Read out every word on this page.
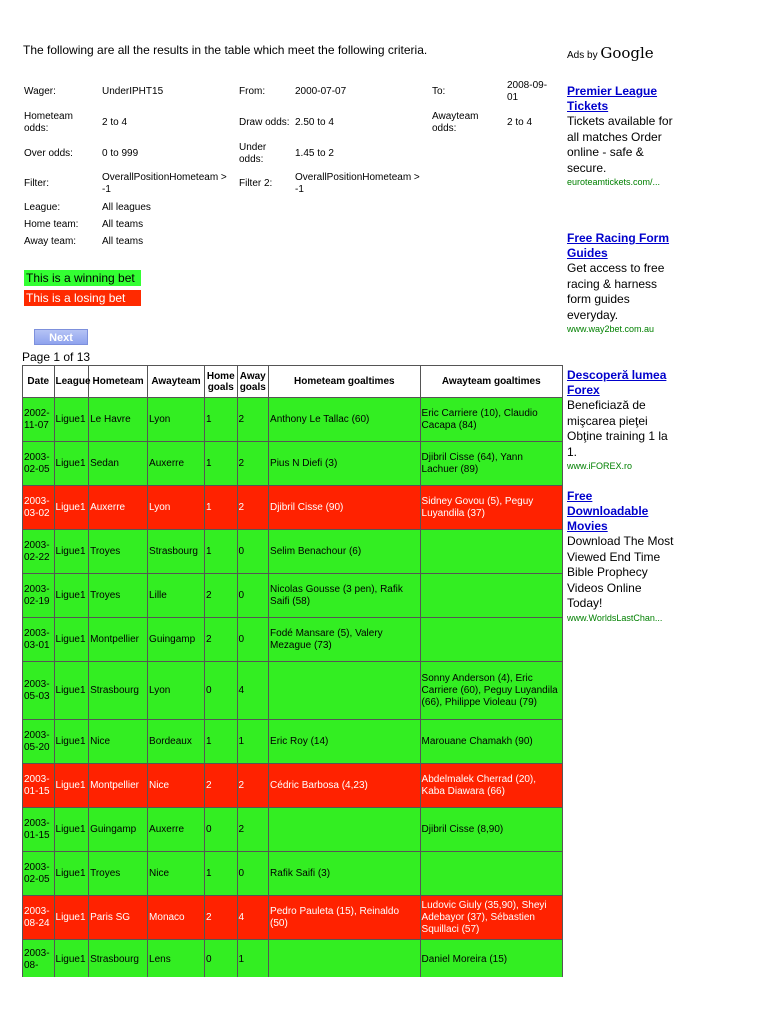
The following are all the results in the table which meet the following criteria.
Wager:	UnderIPHT15	From:	2000-07-07	To:	2008-09-01
Hometeam odds:	2 to 4	Draw odds:	2.50 to 4	Awayteam odds:	2 to 4
Over odds:	0 to 999	Under odds:	1.45 to 2		
Filter:	OverallPositionHometeam > -1	Filter 2:	OverallPositionHometeam > -1		
League:	All leagues				
Home team:	All teams				
Away team:	All teams				
This is a winning bet
This is a losing bet
Next
Page 1 of 13
Date	League	Hometeam	Awayteam	Home goals	Away goals	Hometeam goaltimes	Awayteam goaltimes
2002-11-07	Ligue1	Le Havre	Lyon	1	2	Anthony Le Tallac (60)	Eric Carriere (10), Claudio Cacapa (84)
2003-02-05	Ligue1	Sedan	Auxerre	1	2	Pius N Diefi (3)	Djibril Cisse (64), Yann Lachuer (89)
2003-03-02	Ligue1	Auxerre	Lyon	1	2	Djibril Cisse (90)	Sidney Govou (5), Peguy Luyandila (37)
2003-02-22	Ligue1	Troyes	Strasbourg	1	0	Selim Benachour (6)	
2003-02-19	Ligue1	Troyes	Lille	2	0	Nicolas Gousse (3 pen), Rafik Saifi (58)	
2003-03-01	Ligue1	Montpellier	Guingamp	2	0	Fodé Mansare (5), Valery Mezague (73)	
2003-05-03	Ligue1	Strasbourg	Lyon	0	4		Sonny Anderson (4), Eric Carriere (60), Peguy Luyandila (66), Philippe Violeau (79)
2003-05-20	Ligue1	Nice	Bordeaux	1	1	Eric Roy (14)	Marouane Chamakh (90)
2003-01-15	Ligue1	Montpellier	Nice	2	2	Cédric Barbosa (4,23)	Abdelmalek Cherrad (20), Kaba Diawara (66)
2003-01-15	Ligue1	Guingamp	Auxerre	0	2		Djibril Cisse (8,90)
2003-02-05	Ligue1	Troyes	Nice	1	0	Rafik Saifi (3)	
2003-08-24	Ligue1	Paris SG	Monaco	2	4	Pedro Pauleta (15), Reinaldo (50)	Ludovic Giuly (35,90), Sheyi Adebayor (37), Sébastien Squillaci (57)
2003-08-	Ligue1	Strasbourg	Lens	0	1		Daniel Moreira (15)
Ads by Google
Premier League Tickets
Tickets available for all matches Order online - safe & secure.
euroteamtickets.com/...
Free Racing Form Guides
Get access to free racing & harness form guides everyday.
www.way2bet.com.au
Descoperă lumea Forex
Beneficiază de mişcarea pieţei Obţine training 1 la 1.
www.iFOREX.ro
Free Downloadable Movies
Download The Most Viewed End Time Bible Prophecy Videos Online Today!
www.WorldsLastChan...
